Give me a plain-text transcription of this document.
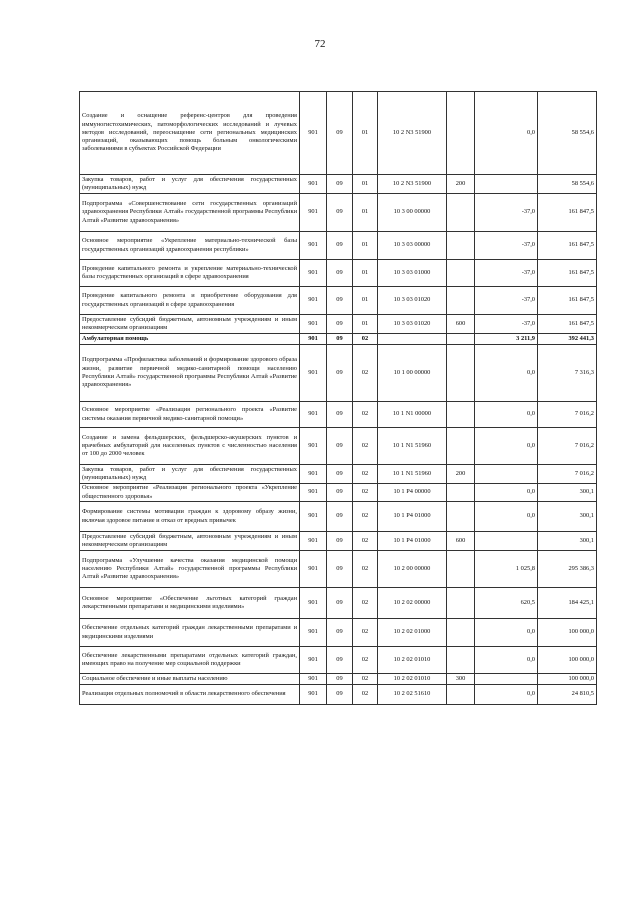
72
Создание и оснащение референс-центров для проведения иммуногистохимических, патоморфологических исследований и лучевых методов исследований, переоснащение сети региональных медицинских организаций, оказывающих помощь больным онкологическими заболеваниями в субъектах Российской Федерации	901	09	01	10 2 N3 51900		0,0	58 554,6
Закупка товаров, работ и услуг для обеспечения государственных (муниципальных) нужд	901	09	01	10 2 N3 51900	200		58 554,6
Подпрограмма «Совершенствование сети государственных организаций здравоохранения Республики Алтай» государственной программы Республики Алтай «Развитие здравоохранения»	901	09	01	10 3 00 00000		-37,0	161 847,5
Основное мероприятие «Укрепление материально-технической базы государственных организаций здравоохранения республики»	901	09	01	10 3 03 00000		-37,0	161 847,5
Проведение капитального ремонта и укрепление материально-технической базы государственных организаций в сфере здравоохранения	901	09	01	10 3 03 01000		-37,0	161 847,5
Проведение капитального ремонта и приобретение оборудования для государственных организаций в сфере здравоохранения	901	09	01	10 3 03 01020		-37,0	161 847,5
Предоставление субсидий бюджетным, автономным учреждениям и иным некоммерческим организациям	901	09	01	10 3 03 01020	600	-37,0	161 847,5
Амбулаторная помощь	901	09	02			3 211,9	392 441,3
Подпрограмма «Профилактика заболеваний и формирование здорового образа жизни, развитие первичной медико-санитарной помощи населению Республики Алтай» государственной программы Республики Алтай «Развитие здравоохранения»	901	09	02	10 1 00 00000		0,0	7 316,3
Основное мероприятие «Реализация регионального проекта «Развитие системы оказания первичной медико-санитарной помощи»	901	09	02	10 1 N1 00000		0,0	7 016,2
Создание и замена фельдшерских, фельдшерско-акушерских пунктов и врачебных амбулаторий для населенных пунктов с численностью населения от 100 до 2000 человек	901	09	02	10 1 N1 51960		0,0	7 016,2
Закупка товаров, работ и услуг для обеспечения государственных (муниципальных) нужд	901	09	02	10 1 N1 51960	200		7 016,2
Основное мероприятие «Реализация регионального проекта «Укрепление общественного здоровья»	901	09	02	10 1 P4 00000		0,0	300,1
Формирование системы мотивации граждан к здоровому образу жизни, включая здоровое питание и отказ от вредных привычек	901	09	02	10 1 P4 01000		0,0	300,1
Предоставление субсидий бюджетным, автономным учреждениям и иным некоммерческим организациям	901	09	02	10 1 P4 01000	600		300,1
Подпрограмма «Улучшение качества оказания медицинской помощи населению Республики Алтай» государственной программы Республики Алтай «Развитие здравоохранения»	901	09	02	10 2 00 00000		1 025,8	295 386,3
Основное мероприятие «Обеспечение льготных категорий граждан лекарственными препаратами и медицинскими изделиями»	901	09	02	10 2 02 00000		620,5	184 425,1
Обеспечение отдельных категорий граждан лекарственными препаратами и медицинскими изделиями	901	09	02	10 2 02 01000		0,0	100 000,0
Обеспечение лекарственными препаратами отдельных категорий граждан, имеющих право на получение мер социальной поддержки	901	09	02	10 2 02 01010		0,0	100 000,0
Социальное обеспечение и иные выплаты населению	901	09	02	10 2 02 01010	300		100 000,0
Реализация отдельных полномочий в области лекарственного обеспечения	901	09	02	10 2 02 51610		0,0	24 810,5
